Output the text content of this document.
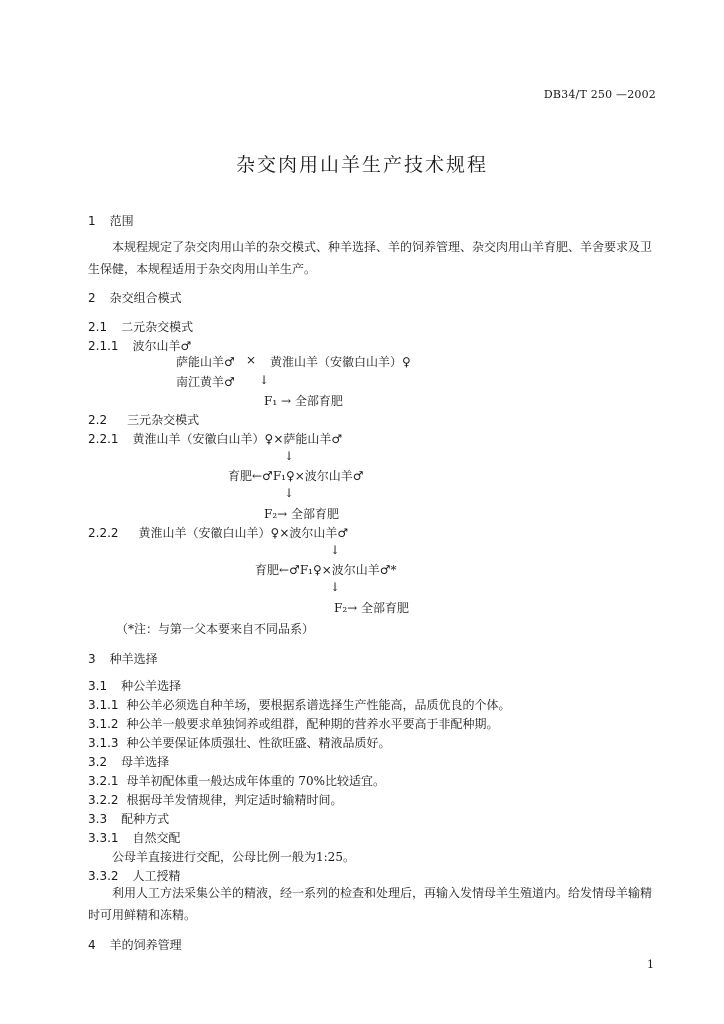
DB34/T 250 —2002
杂交肉用山羊生产技术规程
1 范围
本规程规定了杂交肉用山羊的杂交模式、种羊选择、羊的饲养管理、杂交肉用山羊育肥、羊舍要求及卫生保健，本规程适用于杂交肉用山羊生产。
2 杂交组合模式
2.1 二元杂交模式
2.1.1 波尔山羊♂
萨能山羊♂ × 黄淮山羊（安徽白山羊）♀
南江黄羊♂ ↓
F₁ → 全部育肥
2.2 三元杂交模式
2.2.1 黄淮山羊（安徽白山羊）♀×萨能山羊♂
↓
育肥←♂F₁♀×波尔山羊♂
↓
F₂→ 全部育肥
2.2.2 黄淮山羊（安徽白山羊）♀×波尔山羊♂
↓
育肥←♂F₁♀×波尔山羊♂*
↓
F₂→ 全部育肥
（*注：与第一父本要来自不同品系）
3 种羊选择
3.1 种公羊选择
3.1.1 种公羊必须选自种羊场，要根据系谱选择生产性能高，品质优良的个体。
3.1.2 种公羊一般要求单独饲养或组群，配种期的营养水平要高于非配种期。
3.1.3 种公羊要保证体质强壮、性欲旺盛、精液品质好。
3.2 母羊选择
3.2.1 母羊初配体重一般达成年体重的 70%比较适宜。
3.2.2 根据母羊发情规律，判定适时输精时间。
3.3 配种方式
3.3.1 自然交配
公母羊直接进行交配，公母比例一般为1:25。
3.3.2 人工授精
利用人工方法采集公羊的精液，经一系列的检查和处理后，再输入发情母羊生殖道内。给发情母羊输精时可用鲜精和冻精。
4 羊的饲养管理
1
